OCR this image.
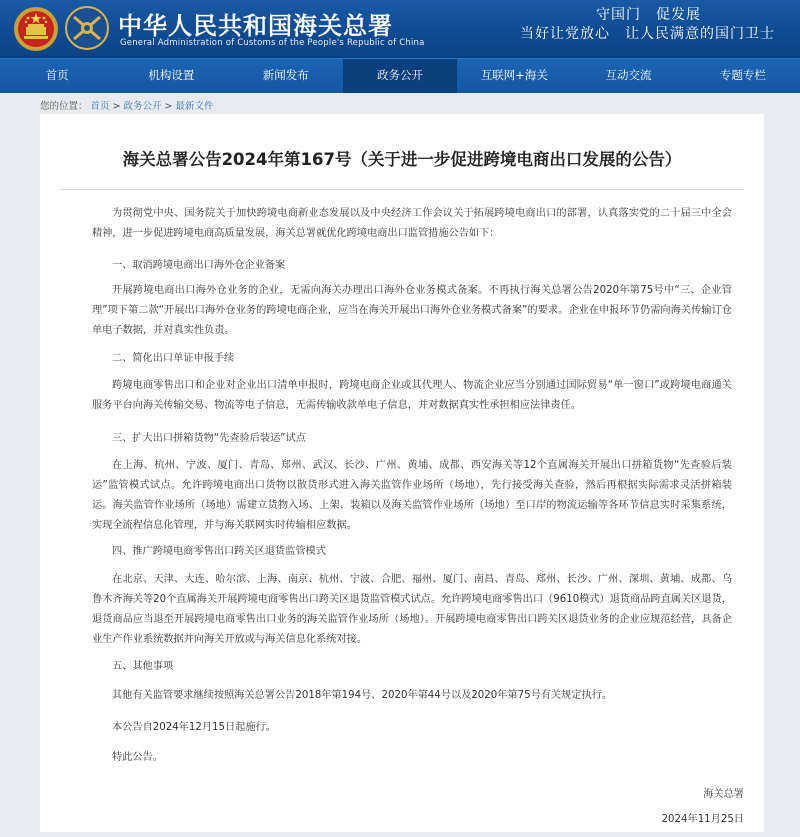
中华人民共和国海关总署
General Administration of Customs of the People's Republic of China
守国门　促发展
当好让党放心　让人民满意的国门卫士
首页	机构设置	新闻发布	政务公开	互联网+海关	互动交流	专题专栏
您的位置： 首页 > 政务公开 > 最新文件
海关总署公告2024年第167号（关于进一步促进跨境电商出口发展的公告）

为贯彻党中央、国务院关于加快跨境电商新业态发展以及中央经济工作会议关于拓展跨境电商出口的部署，认真落实党的二十届三中全会精神，进一步促进跨境电商高质量发展，海关总署就优化跨境电商出口监管措施公告如下：

一、取消跨境电商出口海外仓企业备案

开展跨境电商出口海外仓业务的企业，无需向海关办理出口海外仓业务模式备案。不再执行海关总署公告2020年第75号中“三、企业管理”项下第二款“开展出口海外仓业务的跨境电商企业，应当在海关开展出口海外仓业务模式备案”的要求。企业在申报环节仍需向海关传输订仓单电子数据，并对真实性负责。

二、简化出口单证申报手续

跨境电商零售出口和企业对企业出口清单申报时，跨境电商企业或其代理人、物流企业应当分别通过国际贸易“单一窗口”或跨境电商通关服务平台向海关传输交易、物流等电子信息，无需传输收款单电子信息，并对数据真实性承担相应法律责任。

三、扩大出口拼箱货物“先查验后装运”试点

在上海、杭州、宁波、厦门、青岛、郑州、武汉、长沙、广州、黄埔、成都、西安海关等12个直属海关开展出口拼箱货物“先查验后装运”监管模式试点。允许跨境电商出口货物以散货形式进入海关监管作业场所（场地），先行接受海关查验，然后再根据实际需求灵活拼箱装运。海关监管作业场所（场地）需建立货物入场、上架、装箱以及海关监管作业场所（场地）至口岸的物流运输等各环节信息实时采集系统，实现全流程信息化管理，并与海关联网实时传输相应数据。

四、推广跨境电商零售出口跨关区退货监管模式

在北京、天津、大连、哈尔滨、上海、南京、杭州、宁波、合肥、福州、厦门、南昌、青岛、郑州、长沙、广州、深圳、黄埔、成都、乌鲁木齐海关等20个直属海关开展跨境电商零售出口跨关区退货监管模式试点。允许跨境电商零售出口（9610模式）退货商品跨直属关区退货，退货商品应当退至开展跨境电商零售出口业务的海关监管作业场所（场地）。开展跨境电商零售出口跨关区退货业务的企业应规范经营，具备企业生产作业系统数据并向海关开放或与海关信息化系统对接。

五、其他事项

其他有关监管要求继续按照海关总署公告2018年第194号、2020年第44号以及2020年第75号有关规定执行。

本公告自2024年12月15日起施行。

特此公告。

海关总署
2024年11月25日
